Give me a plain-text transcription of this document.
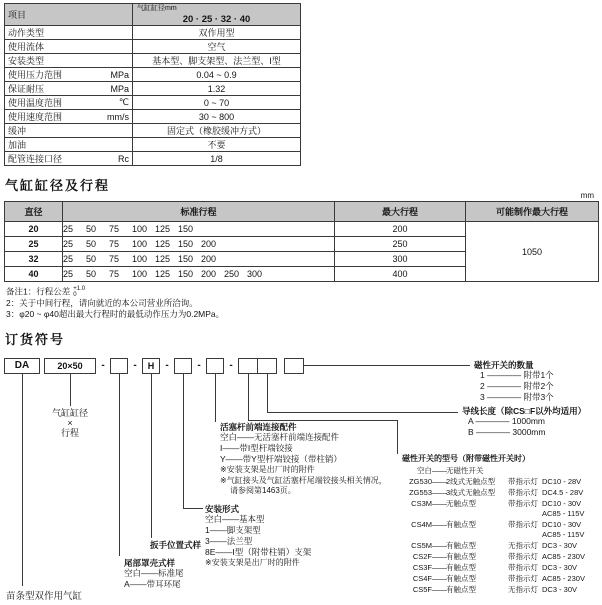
项目	气缸缸径mm
20 · 25 · 32 · 40

动作类型	双作用型

使用流体	空气

安装类型	基本型、脚支架型、法兰型、I型

使用压力范围 MPa	0.04 ~ 0.9

保证耐压 MPa	1.32

使用温度范围 ℃	0 ~ 70

使用速度范围 mm/s	30 ~ 800

缓冲	固定式（橡胶缓冲方式）

加油	不要

配管连接口径 Rc	1/8
气缸缸径及行程
mm
直径	标准行程	最大行程	可能制作最大行程
20	25 50 75 100 125 150	200	1050
25	25 50 75 100 125 150 200	250	
32	25 50 75 100 125 150 200	300	
40	25 50 75 100 125 150 200 250 300	400	
备注1：行程公差 +1.0
0
2：关于中间行程，请向就近的本公司营业所洽询。
3：φ20 ~ φ40超出最大行程时的最低动作压力为0.2MPa。
订货符号
DA	20×50	-	-	H	-	-	-	磁性开关的数量
1 ———— 附带1个
2 ———— 附带2个
3 ———— 附带3个
导线长度（除CS□F以外均适用）
A ———— 1000mm
B ———— 3000mm
活塞杆前端连接配件
空白——无活塞杆前端连接配件
I——带I型杆端铰接
Y——带Y型杆端铰接（带柱销）
※安装支架是出厂时的附件
※气缸接头及气缸活塞杆尾端铰接头相关情况，
请参阅第1463页。
磁性开关的型号（附带磁性开关时）
空白 —— 无磁性开关
ZG530 —— 2线式无触点型	带指示灯 DC10 - 28V
ZG553 —— 3线式无触点型	带指示灯 DC4.5 - 28V
CS3M —— 无触点型	带指示灯 DC10 - 30V
AC85 - 115V
CS4M —— 有触点型	带指示灯 DC10 - 30V
AC85 - 115V
CS5M —— 有触点型	无指示灯 DC3 - 30V
CS2F —— 有触点型	带指示灯 AC85 - 230V
CS3F —— 有触点型	带指示灯 DC3 - 30V
CS4F —— 有触点型	带指示灯 AC85 - 230V
CS5F —— 有触点型	无指示灯 DC3 - 30V
安装形式
空白——基本型
1——脚支架型
3——法兰型
8E——I型（附带柱销）支架
※安装支架是出厂时的附件
扳手位置式样
尾部罩壳式样
空白——标准尾
A——带耳环尾
气缸缸径
×
行程
苗条型双作用气缸
